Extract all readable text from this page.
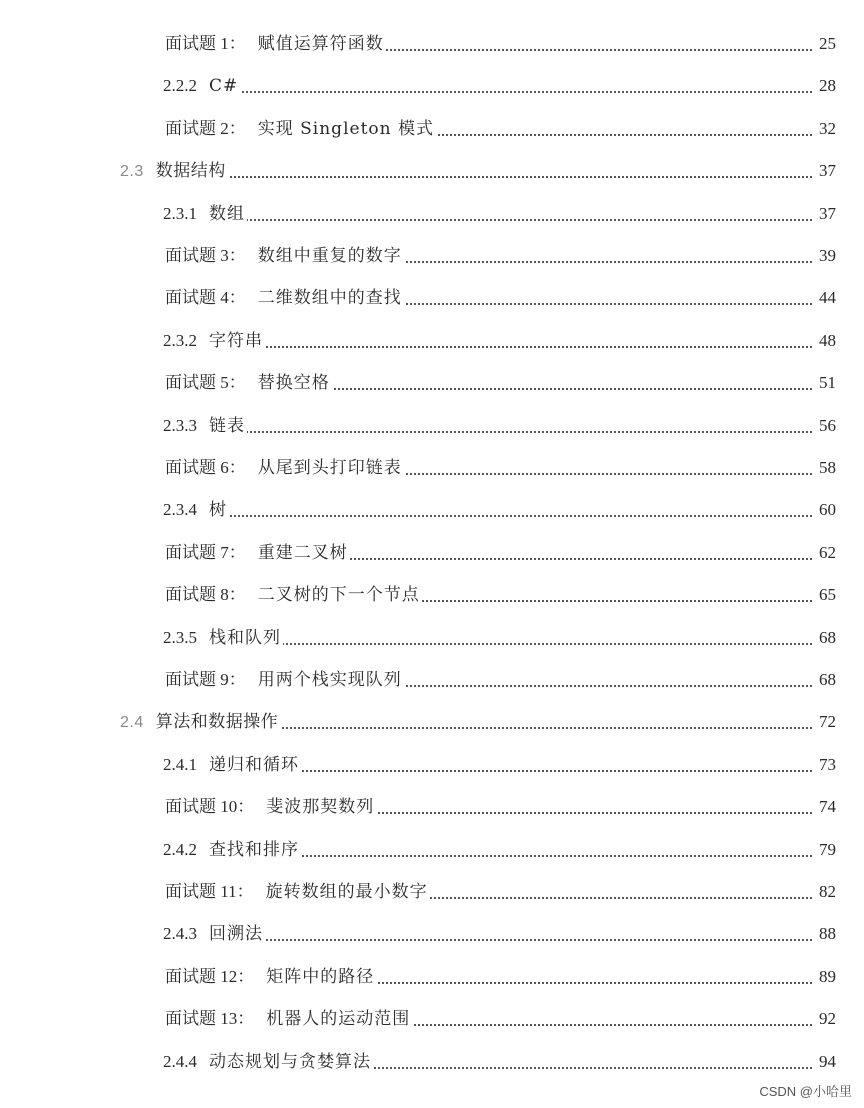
面试题 1： 赋值运算符函数	25
2.2.2 C#	28
面试题 2： 实现 Singleton 模式	32
2.3 数据结构	37
2.3.1 数组	37
面试题 3： 数组中重复的数字	39
面试题 4： 二维数组中的查找	44
2.3.2 字符串	48
面试题 5： 替换空格	51
2.3.3 链表	56
面试题 6： 从尾到头打印链表	58
2.3.4 树	60
面试题 7： 重建二叉树	62
面试题 8： 二叉树的下一个节点	65
2.3.5 栈和队列	68
面试题 9： 用两个栈实现队列	68
2.4 算法和数据操作	72
2.4.1 递归和循环	73
面试题 10： 斐波那契数列	74
2.4.2 查找和排序	79
面试题 11： 旋转数组的最小数字	82
2.4.3 回溯法	88
面试题 12： 矩阵中的路径	89
面试题 13： 机器人的运动范围	92
2.4.4 动态规划与贪婪算法	94
CSDN @小哈里
